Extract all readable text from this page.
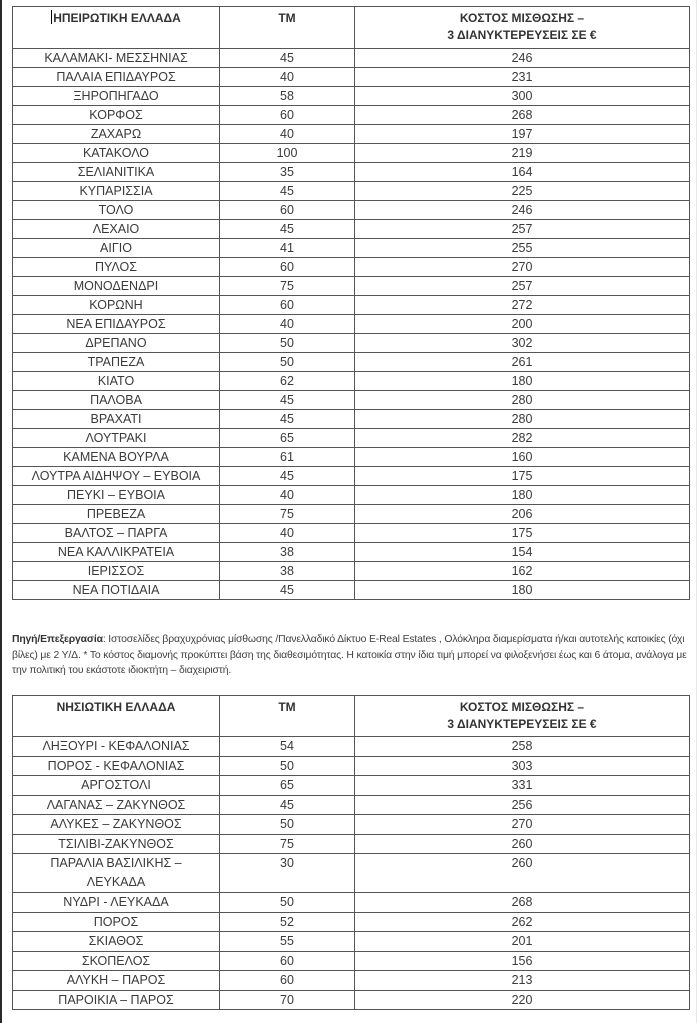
ΗΠΕΙΡΩΤΙΚΗ ΕΛΛΑΔΑ	ΤΜ	ΚΟΣΤΟΣ ΜΙΣΘΩΣΗΣ –
3 ΔΙΑΝΥΚΤΕΡΕΥΣΕΙΣ ΣΕ €

ΚΑΛΑΜΑΚΙ- ΜΕΣΣΗΝΙΑΣ	45	246
ΠΑΛΑΙΑ ΕΠΙΔΑΥΡΟΣ	40	231
ΞΗΡΟΠΗΓΑΔΟ	58	300
ΚΟΡΦΟΣ	60	268
ΖΑΧΑΡΩ	40	197
ΚΑΤΑΚΟΛΟ	100	219
ΣΕΛΙΑΝΙΤΙΚΑ	35	164
ΚΥΠΑΡΙΣΣΙΑ	45	225
ΤΟΛΟ	60	246
ΛΕΧΑΙΟ	45	257
ΑΙΓΙΟ	41	255
ΠΥΛΟΣ	60	270
ΜΟΝΟΔΕΝΔΡΙ	75	257
ΚΟΡΩΝΗ	60	272
ΝΕΑ ΕΠΙΔΑΥΡΟΣ	40	200
ΔΡΕΠΑΝΟ	50	302
ΤΡΑΠΕΖΑ	50	261
ΚΙΑΤΟ	62	180
ΠΑΛΟΒΑ	45	280
ΒΡΑΧΑΤΙ	45	280
ΛΟΥΤΡΑΚΙ	65	282
ΚΑΜΕΝΑ ΒΟΥΡΛΑ	61	160
ΛΟΥΤΡΑ ΑΙΔΗΨΟΥ – ΕΥΒΟΙΑ	45	175
ΠΕΥΚΙ – ΕΥΒΟΙΑ	40	180
ΠΡΕΒΕΖΑ	75	206
ΒΑΛΤΟΣ – ΠΑΡΓΑ	40	175
ΝΕΑ ΚΑΛΛΙΚΡΑΤΕΙΑ	38	154
ΙΕΡΙΣΣΟΣ	38	162
ΝΕΑ ΠΟΤΙΔΑΙΑ	45	180
Πηγή/Επεξεργασία: Ιστοσελίδες βραχυχρόνιας μίσθωσης /Πανελλαδικό Δίκτυο E-Real Estates , Ολόκληρα διαμερίσματα ή/και αυτοτελής κατοικίες (όχι βίλες) με 2 Υ/Δ. * Το κόστος διαμονής προκύπτει βάση της διαθεσιμότητας. Η κατοικία στην ίδια τιμή μπορεί να φιλοξενήσει έως και 6 άτομα, ανάλογα με την πολιτική του εκάστοτε ιδιοκτήτη – διαχειριστή.
ΝΗΣΙΩΤΙΚΗ ΕΛΛΑΔΑ	ΤΜ	ΚΟΣΤΟΣ ΜΙΣΘΩΣΗΣ –
3 ΔΙΑΝΥΚΤΕΡΕΥΣΕΙΣ ΣΕ €

ΛΗΞΟΥΡΙ - ΚΕΦΑΛΟΝΙΑΣ	54	258
ΠΟΡΟΣ - ΚΕΦΑΛΟΝΙΑΣ	50	303
ΑΡΓΟΣΤΟΛΙ	65	331
ΛΑΓΑΝΑΣ – ΖΑΚΥΝΘΟΣ	45	256
ΑΛΥΚΕΣ – ΖΑΚΥΝΘΟΣ	50	270
ΤΣΙΛΙΒΙ-ΖΑΚΥΝΘΟΣ	75	260

ΠΑΡΑΛΙΑ ΒΑΣΙΛΙΚΗΣ –
ΛΕΥΚΑΔΑ	30	260
ΝΥΔΡΙ - ΛΕΥΚΑΔΑ	50	268
ΠΟΡΟΣ	52	262
ΣΚΙΑΘΟΣ	55	201
ΣΚΟΠΕΛΟΣ	60	156
ΑΛΥΚΗ – ΠΑΡΟΣ	60	213
ΠΑΡΟΙΚΙΑ – ΠΑΡΟΣ	70	220
